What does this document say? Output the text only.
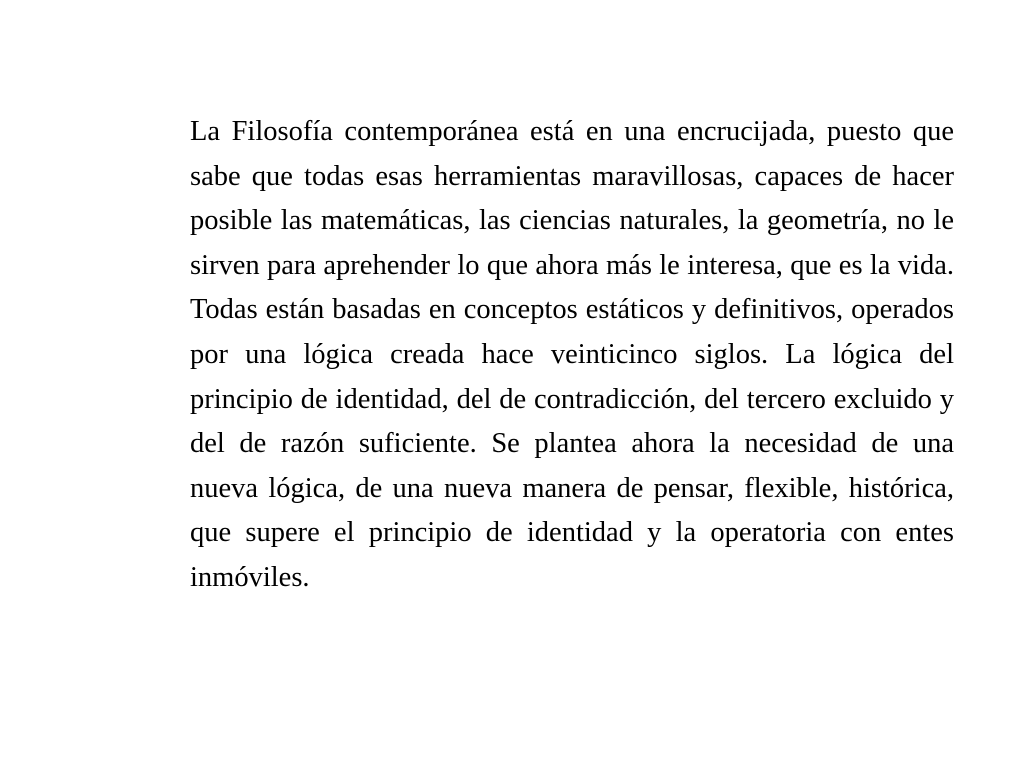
La Filosofía contemporánea está en una encrucijada, puesto que sabe que todas esas herramientas maravillosas, capaces de hacer posible las matemáticas, las ciencias naturales, la geometría, no le sirven para aprehender lo que ahora más le interesa, que es la vida. Todas están basadas en conceptos estáticos y definitivos, operados por una lógica creada hace veinticinco siglos. La lógica del principio de identidad, del de contradicción, del tercero excluido y del de razón suficiente. Se plantea ahora la necesidad de una nueva lógica, de una nueva manera de pensar, flexible, histórica, que supere el principio de identidad y la operatoria con entes inmóviles.
